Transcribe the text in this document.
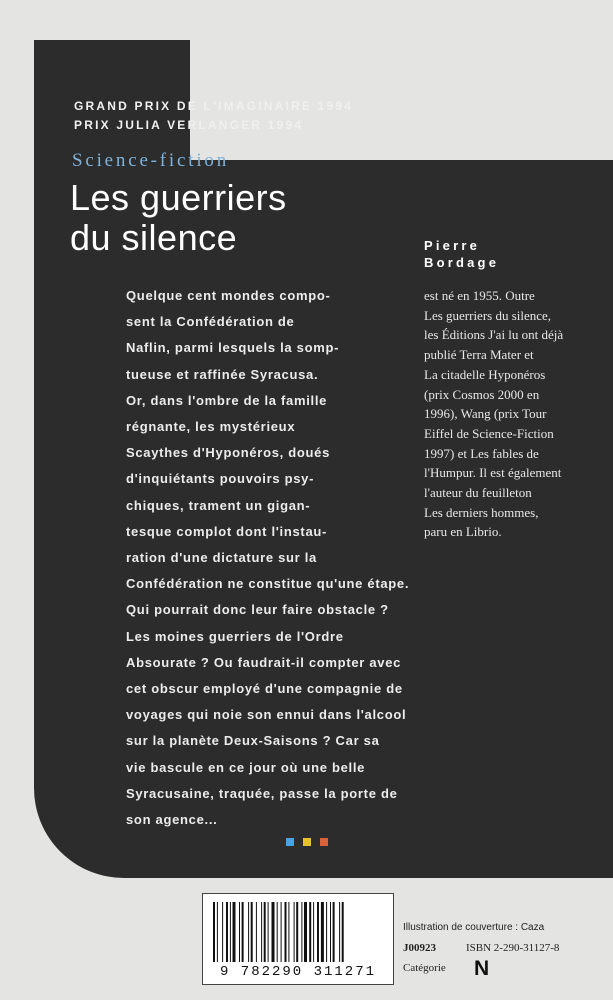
GRAND PRIX DE L'IMAGINAIRE 1994
PRIX JULIA VERLANGER 1994
Science-fiction
Les guerriers
du silence	Pierre
Bordage
est né en 1955. Outre
Les guerriers du silence,
les Éditions J'ai lu ont déjà
publié Terra Mater et
La citadelle Hyponéros
(prix Cosmos 2000 en
1996), Wang (prix Tour
Eiffel de Science-Fiction
1997) et Les fables de
l'Humpur. Il est également
l'auteur du feuilleton
Les derniers hommes,
paru en Librio.
Quelque cent mondes compo-
sent la Confédération de
Naflin, parmi lesquels la somp-
tueuse et raffinée Syracusa.
Or, dans l'ombre de la famille
régnante, les mystérieux
Scaythes d'Hyponéros, doués
d'inquiétants pouvoirs psy-
chiques, trament un gigan-
tesque complot dont l'instau-
ration d'une dictature sur la
Confédération ne constitue qu'une étape.
Qui pourrait donc leur faire obstacle ?
Les moines guerriers de l'Ordre
Absourate ? Ou faudrait-il compter avec
cet obscur employé d'une compagnie de
voyages qui noie son ennui dans l'alcool
sur la planète Deux-Saisons ? Car sa
vie bascule en ce jour où une belle
Syracusaine, traquée, passe la porte de
son agence...
9 782290 311271
Illustration de couverture : Caza
J00923	ISBN 2-290-31127-8
Catégorie N
